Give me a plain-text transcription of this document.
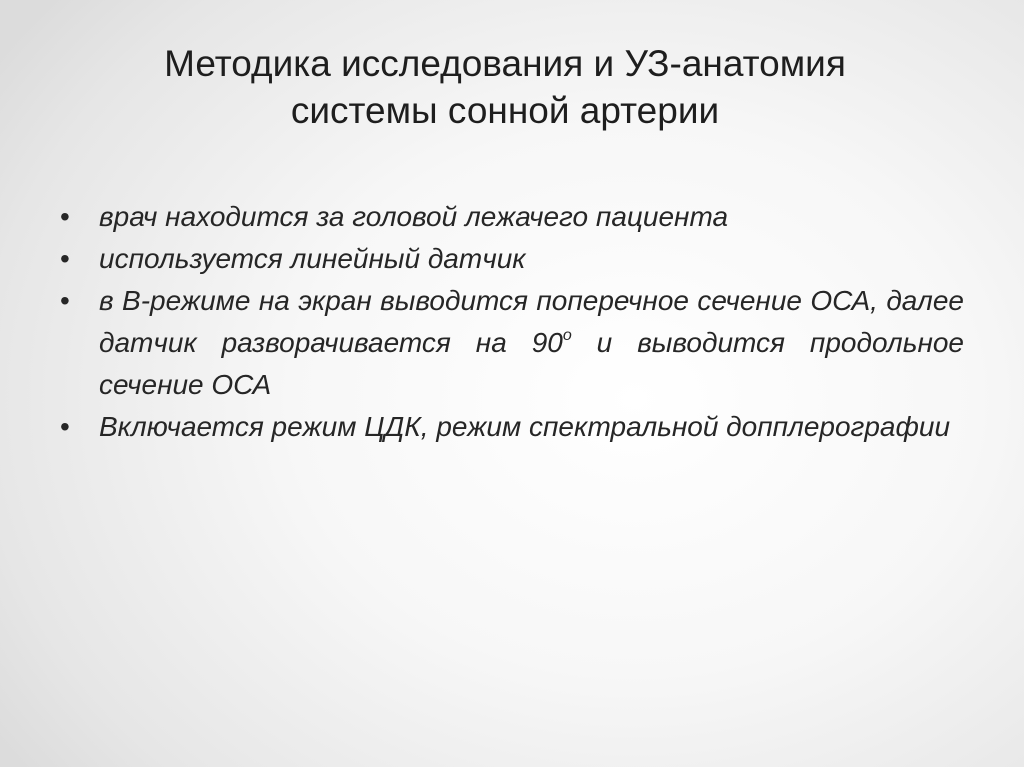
Методика исследования и УЗ-анатомия
системы сонной артерии
•	врач находится за головой лежачего пациента
•	используется линейный датчик
•	в В-режиме на экран выводится поперечное сечение ОСА, далее датчик разворачивается на $90^о$ и выводится продольное сечение ОСА
•	Включается режим ЦДК, режим спектральной допплерографии
